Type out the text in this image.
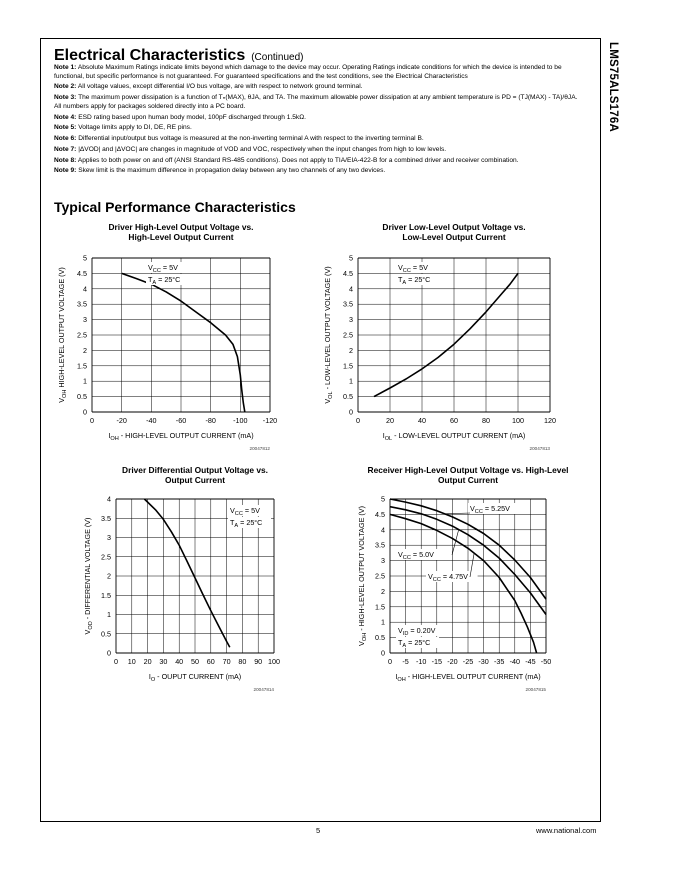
LMS75ALS176A
Electrical Characteristics (Continued)
Note 1: Absolute Maximum Ratings indicate limits beyond which damage to the device may occur. Operating Ratings indicate conditions for which the device is intended to be functional, but specific performance is not guaranteed. For guaranteed specifications and the test conditions, see the Electrical Characteristics
Note 2: All voltage values, except differential I/O bus voltage, are with respect to network ground terminal.
Note 3: The maximum power dissipation is a function of Tₙ(MAX), θJA, and TA. The maximum allowable power dissipation at any ambient temperature is PD = (TJ(MAX) - TA)/θJA. All numbers apply for packages soldered directly into a PC board.
Note 4: ESD rating based upon human body model, 100pF discharged through 1.5kΩ.
Note 5: Voltage limits apply to DI, DE, RE pins.
Note 6: Differential input/output bus voltage is measured at the non-inverting terminal A with respect to the inverting terminal B.
Note 7: |ΔVOD| and |ΔVOC| are changes in magnitude of VOD and VOC, respectively when the input changes from high to low levels.
Note 8: Applies to both power on and off (ANSI Standard RS-485 conditions). Does not apply to TIA/EIA-422-B for a combined driver and receiver combination.
Note 9: Skew limit is the maximum difference in propagation delay between any two channels of any two devices.
Typical Performance Characteristics
Driver High-Level Output Voltage vs.
High-Level Output Current
0	-20	-40	-60	-80 -100 -120
0
0.5
1
1.5
2
2.5
3
3.5
4
4.5
5
$V_{CC} = 5V$
$T_A = 25^\circ C$
$I_{OH}$ - HIGH-LEVEL OUTPUT CURRENT (mA)
$V_{OH}$ HIGH-LEVEL OUTPUT VOLTAGE (V)
20047812
Driver Low-Level Output Voltage vs.
Low-Level Output Current
0	20	40	60	80	100	120
0
0.5
1
1.5
2
2.5
3
3.5
4
4.5
5
$V_{CC} = 5V$
$T_A = 25^\circ C$
$I_{OL}$ - LOW-LEVEL OUTPUT CURRENT (mA)
$V_{OL}$ - LOW-LEVEL OUTPUT VOLTAGE (V)
20047813
Driver Differential Output Voltage vs.
Output Current
0 10 20 30 40 50 60 70 80 90 100
0
0.5
1
1.5
2
2.5
3
3.5
4
$V_{CC} = 5V$
$T_A = 25^\circ C$
$I_O$ - OUPUT CURRENT (mA)
$V_{OD}$ - DIFFERENTIAL VOLTAGE (V)
20047814
Receiver High-Level Output Voltage vs. High-Level
Output Current
0 -5 -10 -15 -20 -25 -30 -35 -40 -45 -50
0
0.5
1
1.5
2
2.5
3
3.5
4
4.5
5
$V_{CC} = 5.25V$
$V_{CC} = 5.0V$
$V_{CC} = 4.75V$
$V_{ID} = 0.20V$
$T_A = 25^\circ C$
$I_{OH}$ - HIGH-LEVEL OUTPUT CURRENT (mA)
$V_{OH}$ - HIGH-LEVEL OUTPUT VOLTAGE (V)
20047815
5	www.national.com
